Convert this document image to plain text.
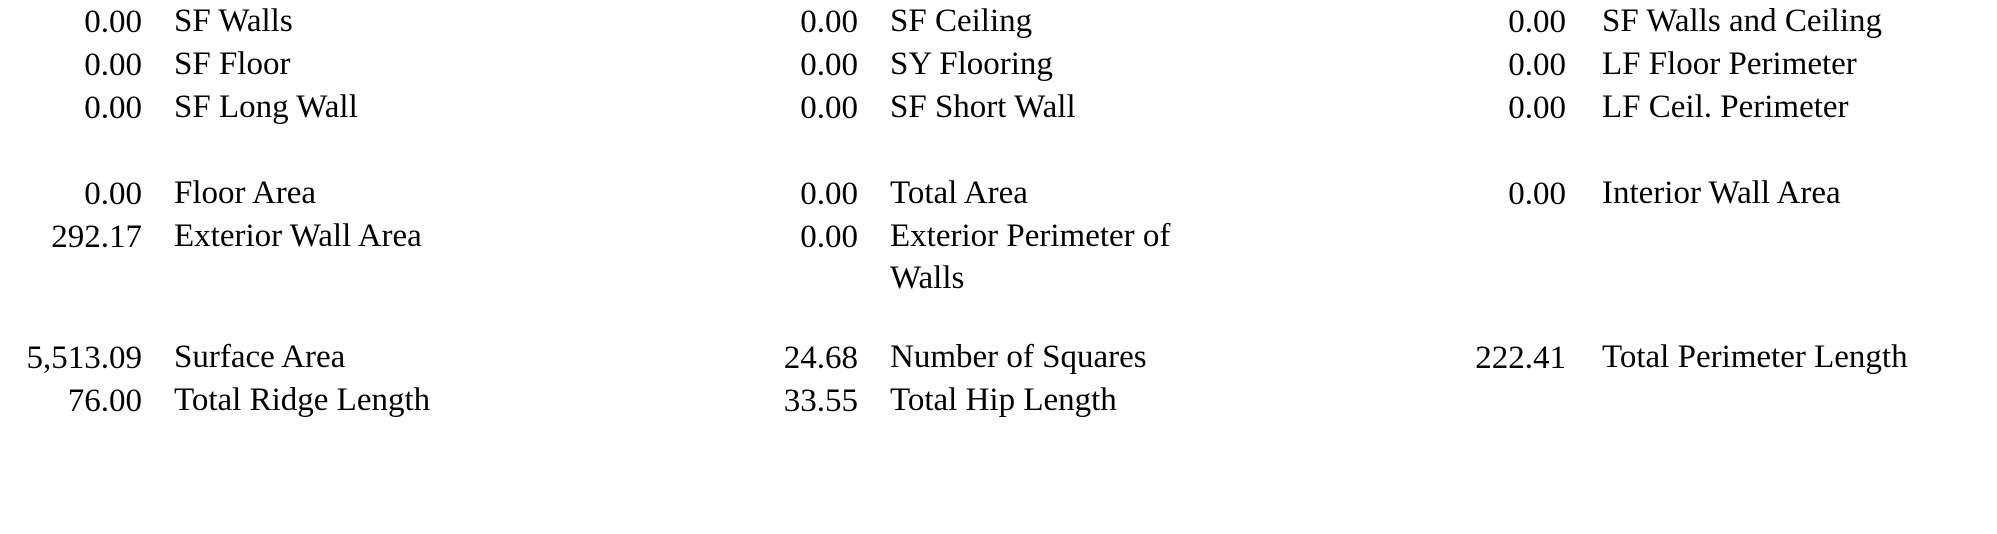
0.00 SF Walls	0.00 SF Ceiling	0.00 SF Walls and Ceiling
0.00 SF Floor	0.00 SY Flooring	0.00 LF Floor Perimeter
0.00 SF Long Wall	0.00 SF Short Wall	0.00 LF Ceil. Perimeter
0.00 Floor Area	0.00 Total Area	0.00 Interior Wall Area
292.17 Exterior Wall Area	0.00 Exterior Perimeter of Walls
5,513.09 Surface Area	24.68 Number of Squares	222.41 Total Perimeter Length
76.00 Total Ridge Length	33.55 Total Hip Length
